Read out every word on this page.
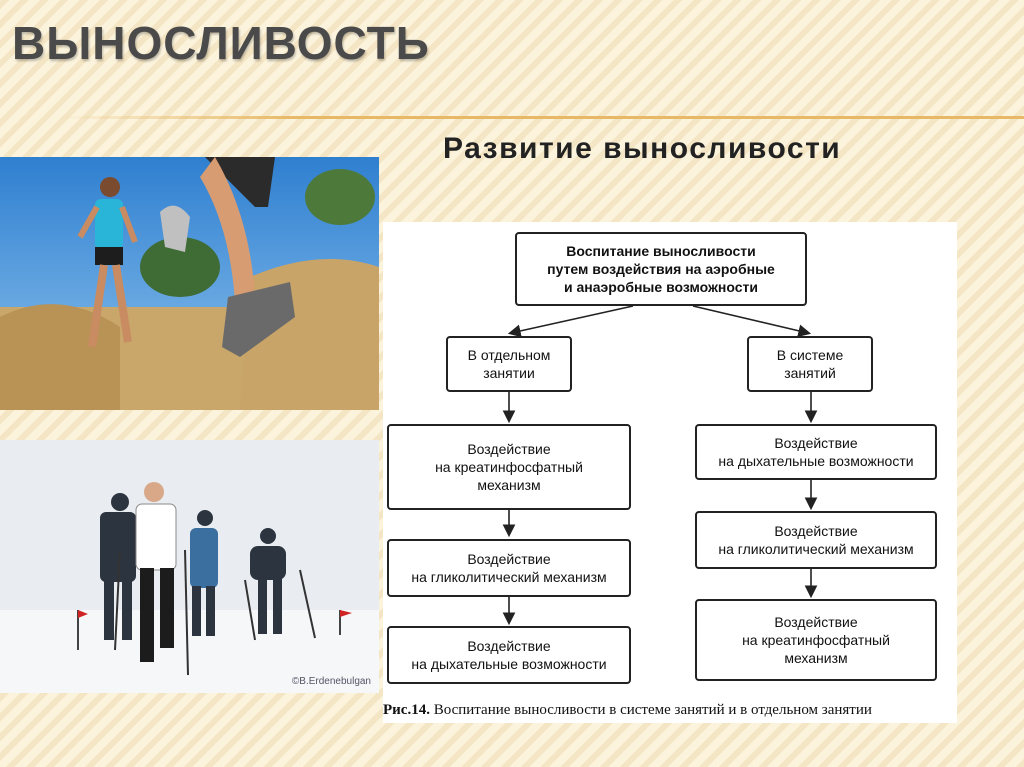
ВЫНОСЛИВОСТЬ
Развитие выносливости
©B.Erdenebulgan
Воспитание выносливости
путем воздействия на аэробные
и анаэробные возможности
В отдельном
занятии
В системе
занятий
Воздействие
на креатинфосфатный
механизм
Воздействие
на гликолитический механизм
Воздействие
на дыхательные возможности
Воздействие
на дыхательные возможности
Воздействие
на гликолитический механизм
Воздействие
на креатинфосфатный
механизм
Рис.14. Воспитание выносливости в системе занятий и в отдельном занятии
